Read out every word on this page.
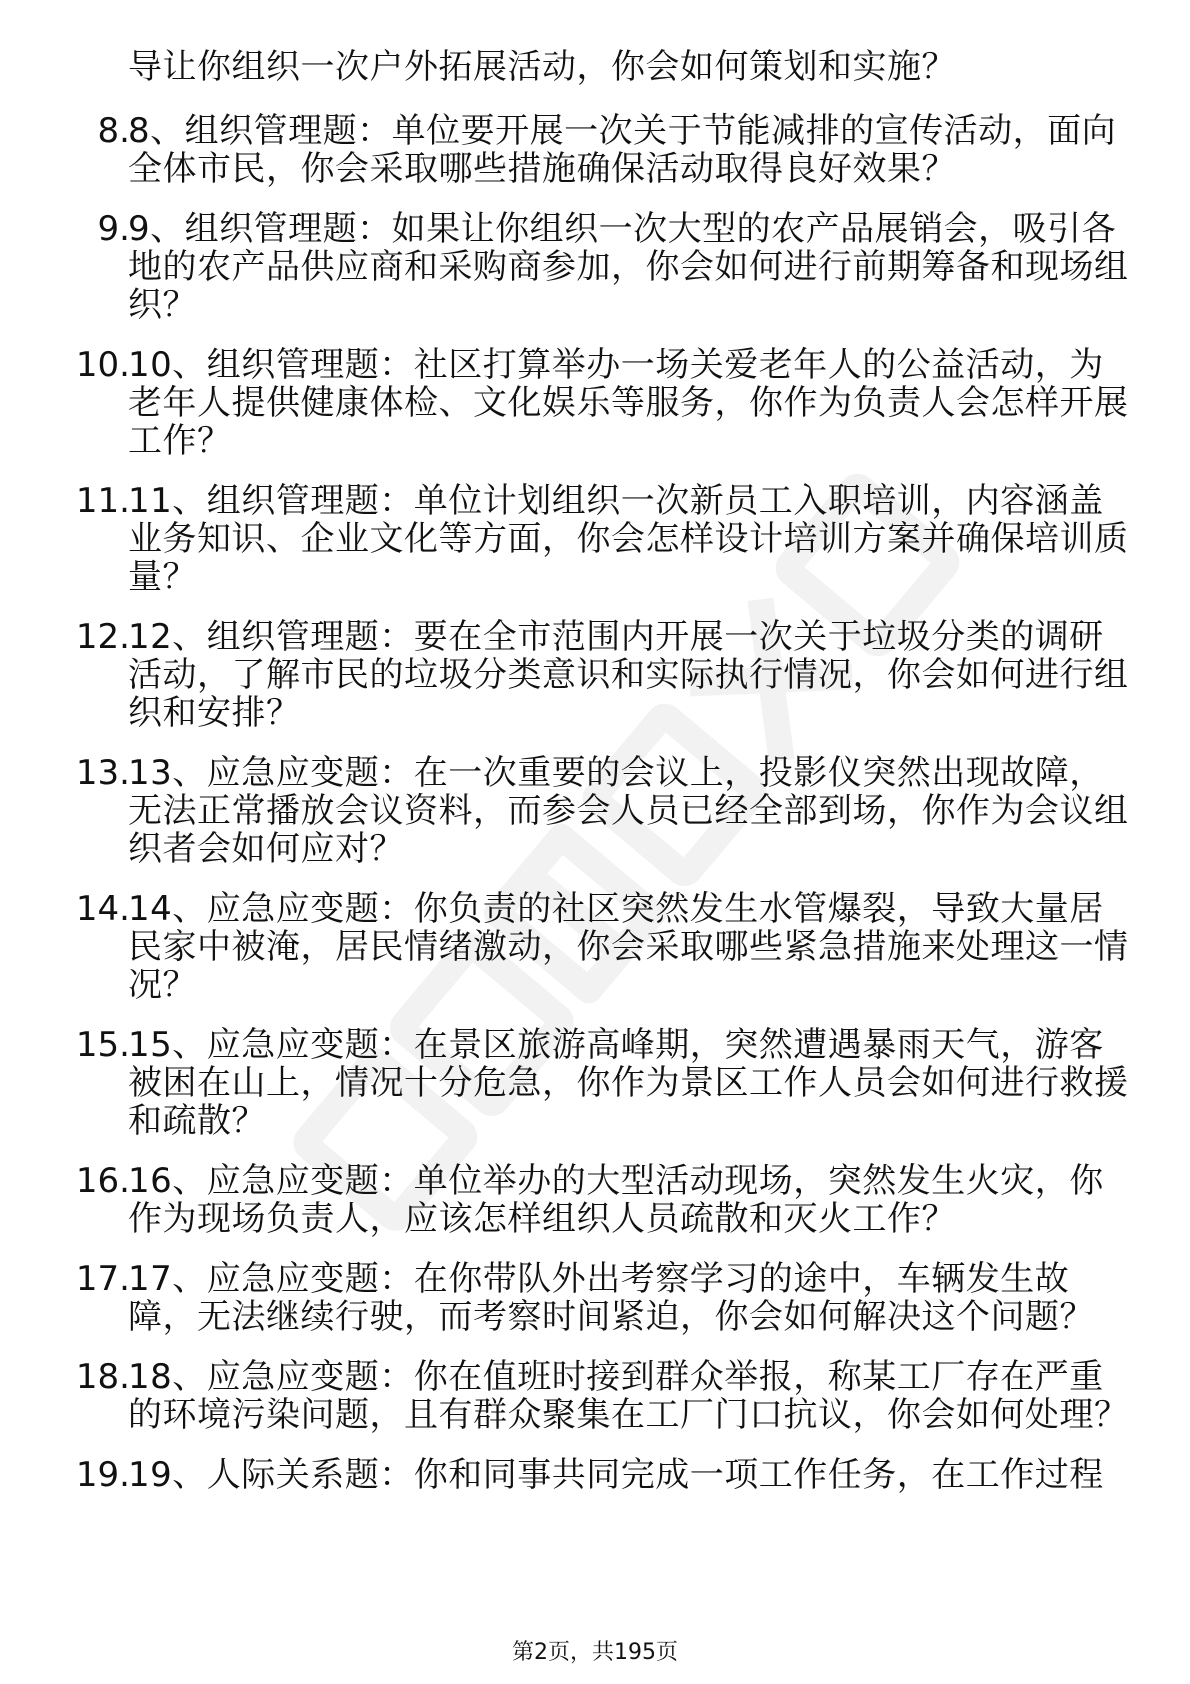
导让你组织一次户外拓展活动，你会如何策划和实施？
8.
8、组织管理题：单位要开展一次关于节能减排的宣传活动，面向全体市民，你会采取哪些措施确保活动取得良好效果？
9.
9、组织管理题：如果让你组织一次大型的农产品展销会，吸引各地的农产品供应商和采购商参加，你会如何进行前期筹备和现场组织？
10.
10、组织管理题：社区打算举办一场关爱老年人的公益活动，为老年人提供健康体检、文化娱乐等服务，你作为负责人会怎样开展工作？
11.
11、组织管理题：单位计划组织一次新员工入职培训，内容涵盖业务知识、企业文化等方面，你会怎样设计培训方案并确保培训质量？
12.
12、组织管理题：要在全市范围内开展一次关于垃圾分类的调研活动，了解市民的垃圾分类意识和实际执行情况，你会如何进行组织和安排？
13.
13、应急应变题：在一次重要的会议上，投影仪突然出现故障，无法正常播放会议资料，而参会人员已经全部到场，你作为会议组织者会如何应对？
14.
14、应急应变题：你负责的社区突然发生水管爆裂，导致大量居民家中被淹，居民情绪激动，你会采取哪些紧急措施来处理这一情况？
15.
15、应急应变题：在景区旅游高峰期，突然遭遇暴雨天气，游客被困在山上，情况十分危急，你作为景区工作人员会如何进行救援和疏散？
16.
16、应急应变题：单位举办的大型活动现场，突然发生火灾，你作为现场负责人，应该怎样组织人员疏散和灭火工作？
17.
17、应急应变题：在你带队外出考察学习的途中，车辆发生故障，无法继续行驶，而考察时间紧迫，你会如何解决这个问题？
18.
18、应急应变题：你在值班时接到群众举报，称某工厂存在严重的环境污染问题，且有群众聚集在工厂门口抗议，你会如何处理？
19.
19、人际关系题：你和同事共同完成一项工作任务，在工作过程
第2页，共195页
